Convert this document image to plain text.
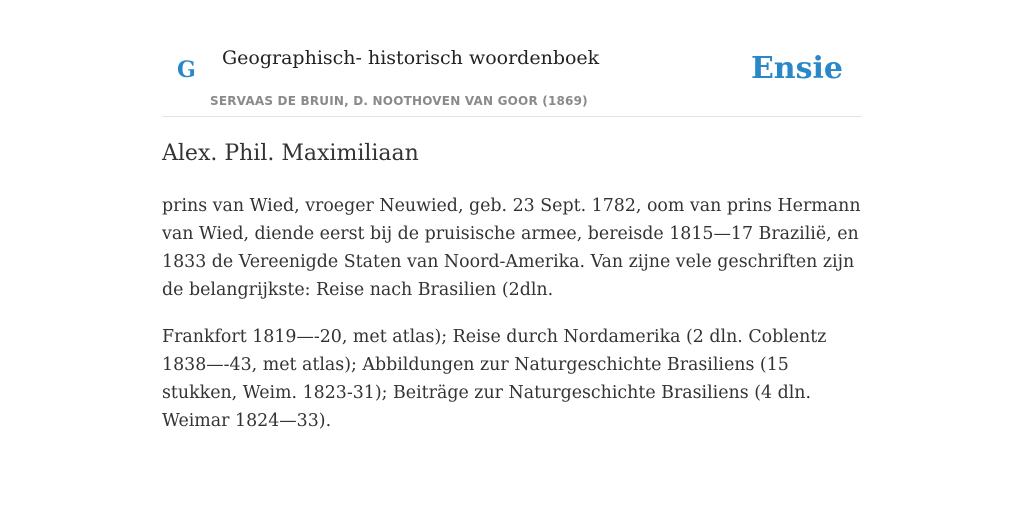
G Geographisch- historisch woordenboek
SERVAAS DE BRUIN, D. NOOTHOVEN VAN GOOR (1869)
Ensie
Alex. Phil. Maximiliaan

prins van Wied, vroeger Neuwied, geb. 23 Sept. 1782, oom van prins Hermann van Wied, diende eerst bij de pruisische armee, bereisde 1815—17 Brazilië, en 1833 de Vereenigde Staten van Noord-Amerika. Van zijne vele geschriften zijn de belangrijkste: Reise nach Brasilien (2dln.

Frankfort 1819—-20, met atlas); Reise durch Nordamerika (2 dln. Coblentz 1838—-43, met atlas); Abbildungen zur Naturgeschichte Brasiliens (15 stukken, Weim. 1823-31); Beiträge zur Naturgeschichte Brasiliens (4 dln. Weimar 1824—33).
